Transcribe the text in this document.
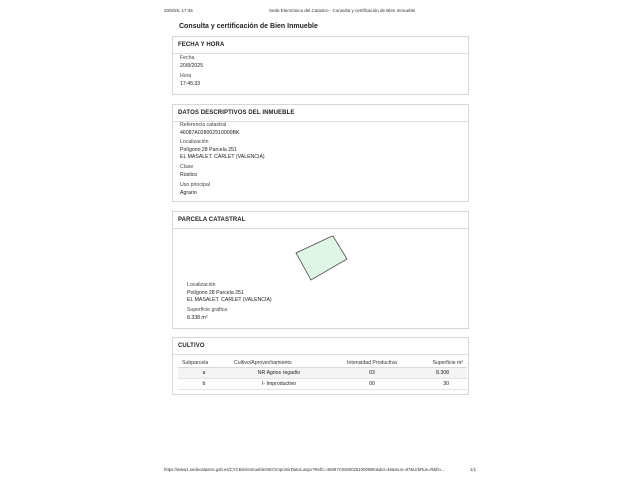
20/8/25, 17:45	Sede Electrónica del Catastro - Consulta y certificación de Bien Inmueble
Consulta y certificación de Bien Inmueble
FECHA Y HORA
Fecha
20/8/2025
Hora
17:45:33
DATOS DESCRIPTIVOS DEL INMUEBLE
Referencia catastral
46087A028002510000BK
Localización
Polígono 28 Parcela 251
EL MASALET. CARLET (VALENCIA)
Clase
Rústico
Uso principal
Agrario
PARCELA CATASTRAL
Localización
Polígono 28 Parcela 251
EL MASALET. CARLET (VALENCIA)
Superficie gráfica
8.338 m²
CULTIVO
Subparcela	Cultivo/Aprovechamiento	Intensidad Productiva	Superficie m²
a	NR Agrios regadío	03	8.308
b	I- Improductivo	00	30
https://www1.sedecatastro.gob.es/CYCBienInmueble/SECImprimirDatos.aspx?RefC=46087A028002510000BK&del=46&mun=87&UrbRus=R&fin...	1/1
